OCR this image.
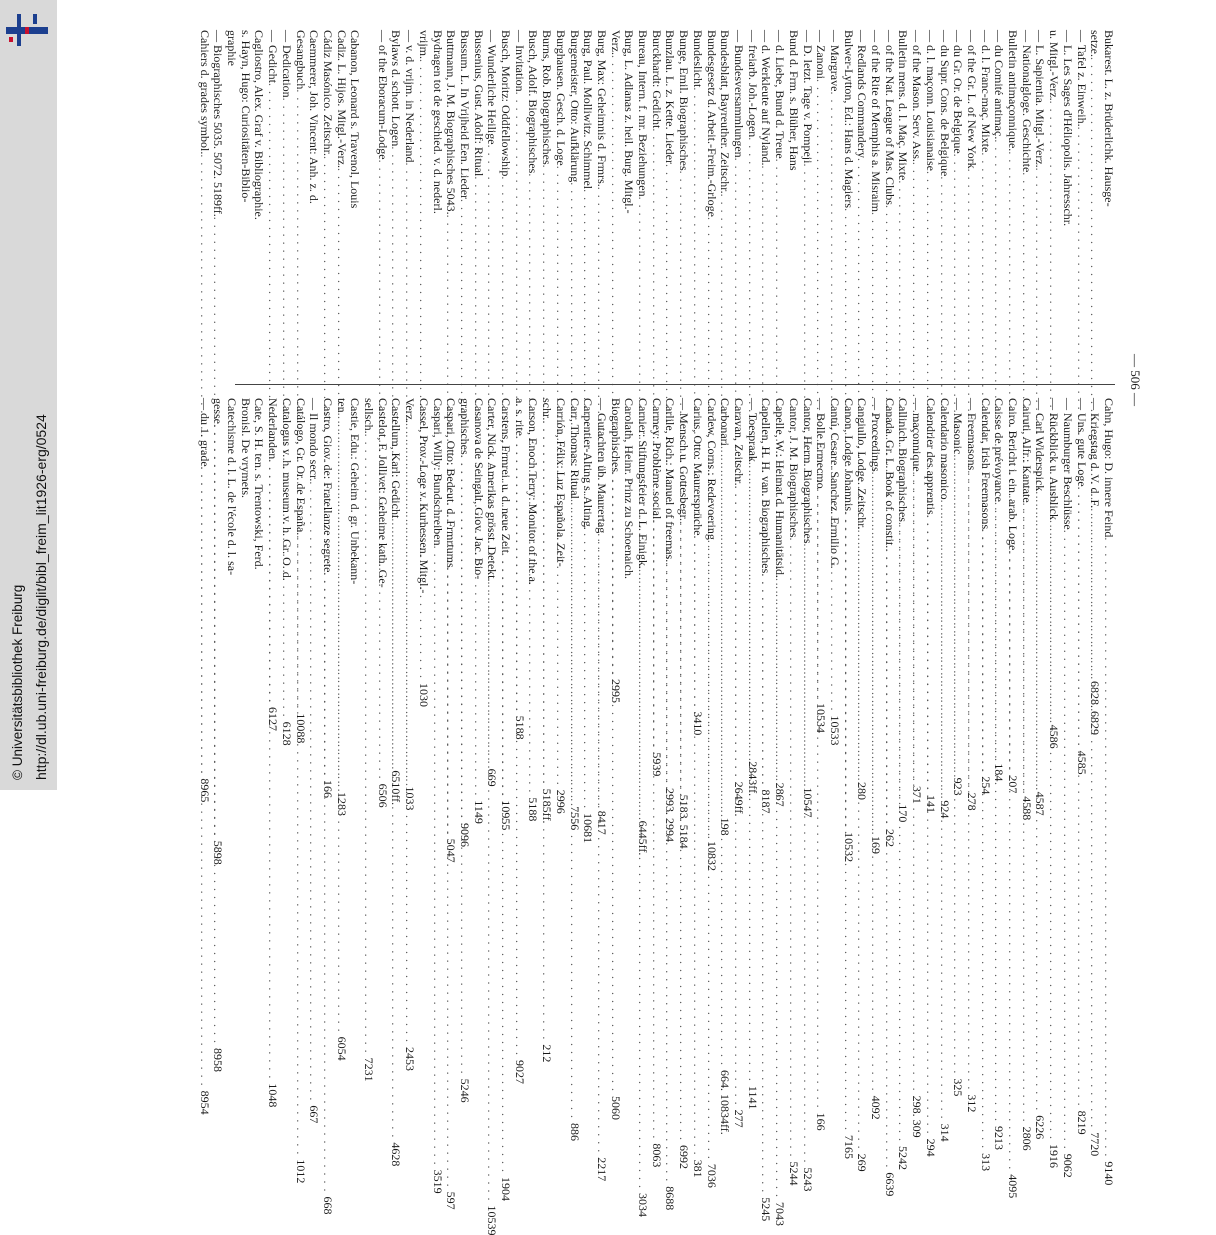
http://dl.ub.uni-freiburg.de/diglit/bibl_freim_lit1926-erg/0524
© Universitätsbibliothek Freiburg
— 506 —
Bukarest. L. z. Brüderlichk. Hausge-
setze.
. . .
6828. 6829
— Tafel z. Einweih.
. . .
4585
— L. Les Sages d'Héliopolis. Jahresschr.
u. Mitgl.-Verz.
. . .
4586
— L. Sapientia. Mitgl.-Verz.
. . .
4587
— Nationalgloge. Geschichte
. . .
4588
Bulletin antimaçonnique.
. . .
207
— du Comité antimaç.
. . .
184
— d. l. Franc-maç. Mixte
. . .
254
— of the Gr. L. of New York
. . .
278
— du Gr. Or. de Belgique
. . .
923
— du Supr. Cons. de Belgique
. . .
924
— d. l. maçonn. Louisianaise
. . .
141
— of the Mason. Serv. Ass.
. . .
371
Bulletin mens. d. l. Maç. Mixte
. . .
170
— of the Nat. League of Mas. Clubs
. . .
262
— of the Rite of Memphis a. Misraim
. . .
169
— Redlands Commandery
. . .
280
Bulwer-Lytton, Ed.: Hans d. Magiers
. . .
10532
— Margrave
. . .
10533
— Zanoni
. . .
10534
— D. letzt. Tage v. Pompeji
. . .
10547
Bund d. Frm. s. Blüher, Hans
— d. Liebe, Bund d. Treue
. . .
2867
— d. Werkleute auf Nyland.
. . .
8187
— freiarb. Joh.-Logen
. . .
2843ff.
— Bundesversammlungen
. . .
2649ff.
Bundesblatt, Bayreuther. Zeitschr.
. . .
198
Bundesgesetz d. Arbeit.-Freim.-Grloge
. . .
10832
Bundeslicht
. . .
3410
Bunge, Emil. Biographisches
. . .
5183. 5184
Bunzlau. L. z. Kette. Lieder
. . .
2993. 2994
Burckhardt: Gedicht
. . .
5939
Bureau, Intern. f. mr. Beziehungen
. . .
6445ff.
Burg, L. Adlanas z. heil. Burg. Mitgl.-
Verz.
. . .
2995
Burg, Max: Geheimnis d. Frmrs.
. . .
8417
Burg, Paul. Molliwitz. Schimmel
. . .
10681
Burgemeister, Otto: Aufklärung
. . .
7556
Burghausen. Gesch. d. Loge
. . .
2996
Burns, Rob. Biographisches
. . .
5185ff.
Busch, Adolf. Biographisches
. . .
5188
— Invitation
. . .
5188
Busch, Moritz: Oddfellowship
. . .
10955
— Wunderliche Heilige
. . .
669
Bussenius, Gust. Adolf: Ritual
. . .
1149
Bussum. L. In Vrijheid Een. Lieder
. . .
9096
Buttmann, J. M. Biographisches 5043.
. . .
5047
Bydragen tot de geschied. v. d. nederl.
vrijm.
. . .
1030
— v. d. vrijm. in Nederland
. . .
1033
Bylaws d. schott. Logen
. . .
6510ff.
— of the Eboracum-Lodge
. . .
6506

Cabanon, Leonard s. Travenol, Louis
Cadiz. L. Hijos. Mitgl.-Verz.
. . .
1283
Cádiz Masónico. Zeitschr.
. . .
166
Caemmerer, Joh. Vincent: Anh. z. d.
Gesangbuch
. . .
10088
— Dedication
. . .
6128
— Gedicht
. . .
6127
Cagliostro, Alex. Graf v. Bibliographie.
s. Hayn, Hugo: Curiositäten-Biblio-
graphie
— Biographisches 5035. 5072. 5189ff.
. . .
5898
Cahiers d. grades symbol.
. . .
8965
Cahn, Hugo: D. innere Feind
. . .
9140
— Kriegstag d. V. d. F.
. . .
7720
— Uns. gute Loge
. . .
8219
— Naumburger Beschlüsse
. . .
9062
— Rückblick u. Ausblick
. . .
1916
— Carl Widerspick
. . .
6226
Cairuti, Alfr.: Kantate
. . .
2806
Cairo. Bericht i. ein. arab. Loge
. . .
4095
Caisse de prévoyance
. . .
9213
Calendar, Irish Freemasons
. . .
313
— Freemasons
. . .
312
— Masonic
. . .
325
Calendario masonico
. . .
314
Calendrier des apprentis
. . .
294
— maçonnique
. . .
298. 309
Callinich. Biographisches
. . .
5242
Canada. Gr. L. Book of constit.
. . .
6639
— Proceedings
. . .
4092
Cangiullo, Lodge. Zeitschr.
. . .
269
Canon, Lodge Johannis
. . .
7165
Cantú, Cesare. Sanchez. Ermilio G.
— Bolle Ermecmo
. . .
166
Cantor, Herm. Biographisches
. . .
5243
Cantor, J. M. Biographisches
. . .
5244
Capelle, W.: Heimat d. Humanitätsid.
. . .
7043
Capellen, H. H. van. Biographisches
. . .
5245
— Toespraak
. . .
1141
Caravan, Zeitschr.
. . .
277
Carbonari
. . .
664. 10834ff.
Cardew, Corns.: Redevoering
. . .
7036
Carius, Otto: Maurersprüche
. . .
381
— Mensch u. Gottesbegr.
. . .
6992
Carlile, Rich.: Manuel of freemas.
. . .
8688
Carmey: Problème social
. . .
8063
Carnier: Stiftungsfeier d. L. Einigk.
. . .
3034
Carolath, Heinr. Prinz zu Schoenaich.
Biographisches
. . .
5060
— Gutachten üb. Maurertag
. . .
2217
Carpentier-Alting s. Alting.
Carr, Thomas: Ritual
. . .
886
Carrión, Félix: Luz Española. Zeit-
schr.
. . .
212
Carson, Enoch Terry: Monitor of the a.
a. s. rite
. . .
9027
Carstens, Frmrei. u. d. neue Zeit
. . .
1904
Carter, Nick. Amerikas grösst. Detekt.
. . .
10539
Casanova de Seingalt, Giov. Jac. Bio-
graphisches
. . .
5246
Caspari, Otto: Bedeut. d. Frmrtums
. . .
597
Caspari, Willy: Bundschreiben
. . .
3519
Cassel, Prov.-Loge v. Kurhessen. Mitgl.-
Verz.
. . .
2453
Castellum, Karl: Gedicht
. . .
4628
Castelot, F. Jollivet: Geheime kath. Ge-
sellsch.
. . .
7231
Castie, Edu.: Geheim d. gr. Unbekann-
ten
. . .
6054
Castro, Giov. de: Fratellanze segrete
. . .
668
— Il mondo secr.
. . .
667
Catálogo, Gr. Or. de España.
. . .
1012
Catalogus v. h. museum v. h. Gr. O. d.
Nederlanden
. . .
1048
Cate, S. H. ten. s. Trentowski, Ferd.
Bronisl. De vrymets.
Catechisme d. l. L. de l'école d. l. sa-
gesse
. . .
8958
— du 1. grade
. . .
8954
